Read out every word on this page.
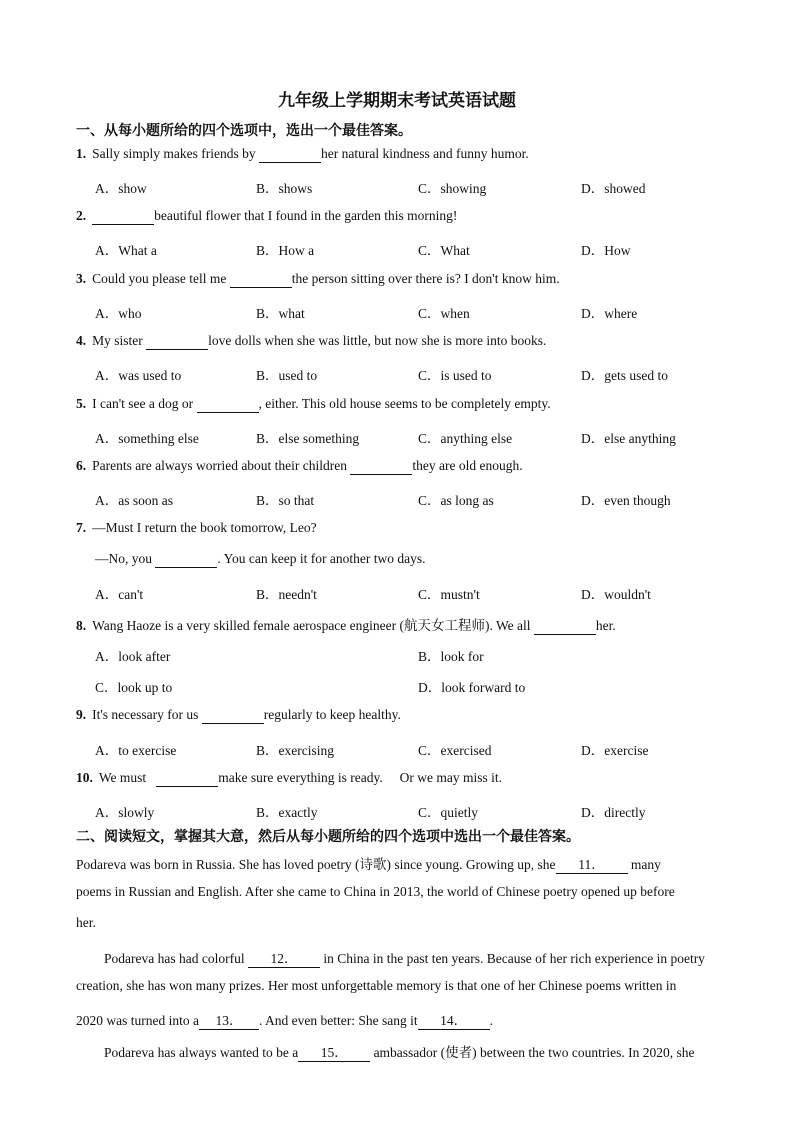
九年级上学期期末考试英语试题
一、从每小题所给的四个选项中，选出一个最佳答案。
1. Sally simply makes friends by	her natural kindness and funny humor.
A．show	B．shows	C．showing	D．showed
2.	beautiful flower that I found in the garden this morning!
A．What a	B．How a	C．What	D．How
3. Could you please tell me	the person sitting over there is? I don't know him.
A．who	B．what	C．when	D．where
4. My sister	love dolls when she was little, but now she is more into books.
A．was used to	B．used to	C．is used to	D．gets used to
5. I can't see a dog or	, either. This old house seems to be completely empty.
A．something else	B．else something	C．anything else	D．else anything
6. Parents are always worried about their children	they are old enough.
A．as soon as	B．so that	C．as long as	D．even though
7. —Must I return the book tomorrow, Leo?
—No, you	. You can keep it for another two days.
A．can't	B．needn't	C．mustn't	D．wouldn't
8. Wang Haoze is a very skilled female aerospace engineer (航天女工程师). We all	her.
A．look after	B．look for
C．look up to	D．look forward to
9. It's necessary for us	regularly to keep healthy.
A．to exercise	B．exercising	C．exercised	D．exercise
10. We must	make sure everything is ready.     Or we may miss it.
A．slowly	B．exactly	C．quietly	D．directly
二、阅读短文，掌握其大意，然后从每小题所给的四个选项中选出一个最佳答案。
Podareva was born in Russia. She has loved poetry (诗歌) since young. Growing up, she 11． many
poems in Russian and English. After she came to China in 2013, the world of Chinese poetry opened up before
her.
Podareva has had colorful 12． in China in the past ten years. Because of her rich experience in poetry
creation, she has won many prizes. Her most unforgettable memory is that one of her Chinese poems written in
2020 was turned into a 13． . And even better: She sang it 14． .
Podareva has always wanted to be a 15． ambassador (使者) between the two countries. In 2020, she
